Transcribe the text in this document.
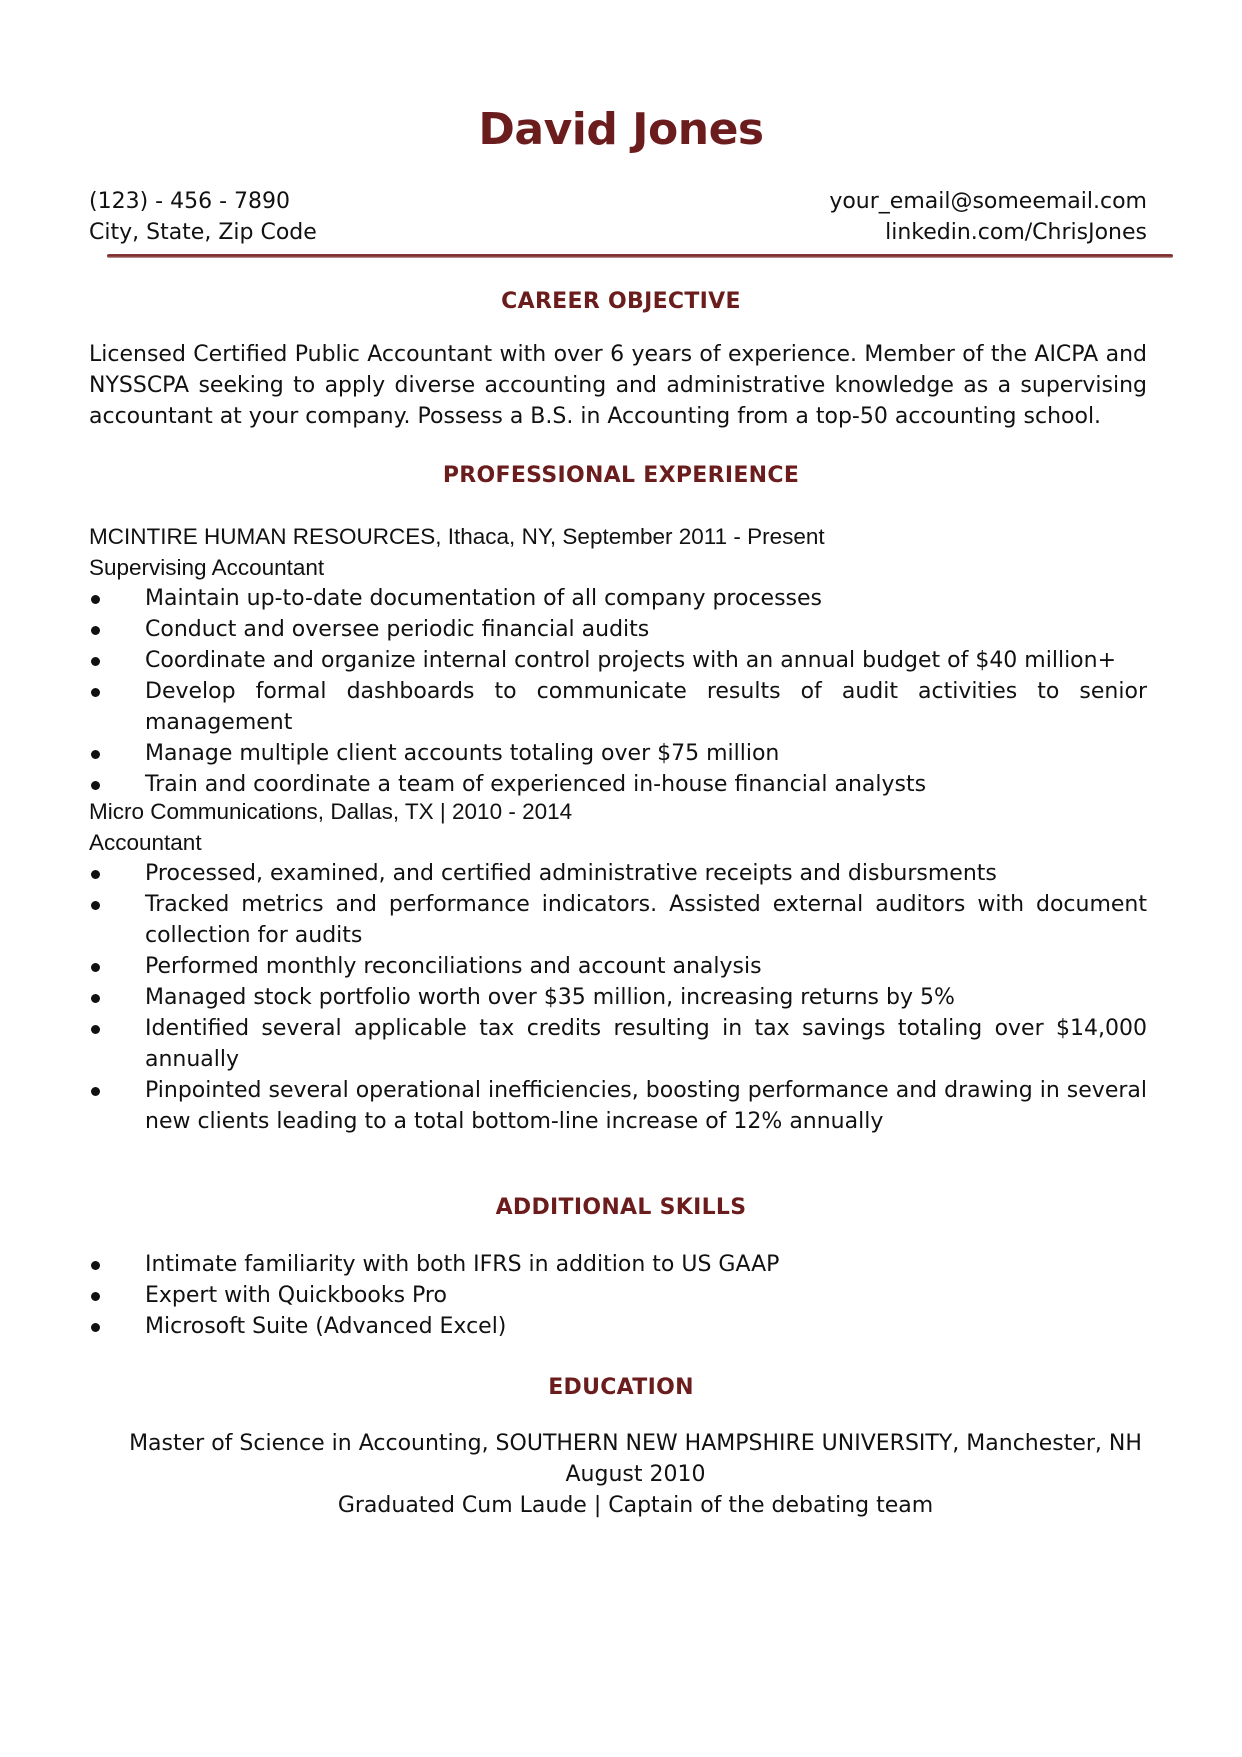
David Jones
(123) - 456 - 7890
City, State, Zip Code
your_email@someemail.com
linkedin.com/ChrisJones
CAREER OBJECTIVE
Licensed Certified Public Accountant with over 6 years of experience. Member of the AICPA and NYSSCPA seeking to apply diverse accounting and administrative knowledge as a supervising accountant at your company. Possess a B.S. in Accounting from a top-50 accounting school.
PROFESSIONAL EXPERIENCE
MCINTIRE HUMAN RESOURCES, Ithaca, NY, September 2011 - Present
Supervising Accountant
Maintain up-to-date documentation of all company processes
Conduct and oversee periodic financial audits
Coordinate and organize internal control projects with an annual budget of $40 million+
Develop formal dashboards to communicate results of audit activities to senior management
Manage multiple client accounts totaling over $75 million
Train and coordinate a team of experienced in-house financial analysts
Micro Communications, Dallas, TX | 2010 - 2014
Accountant
Processed, examined, and certified administrative receipts and disbursments
Tracked metrics and performance indicators. Assisted external auditors with document collection for audits
Performed monthly reconciliations and account analysis
Managed stock portfolio worth over $35 million, increasing returns by 5%
Identified several applicable tax credits resulting in tax savings totaling over $14,000 annually
Pinpointed several operational inefficiencies, boosting performance and drawing in several new clients leading to a total bottom-line increase of 12% annually
ADDITIONAL SKILLS
Intimate familiarity with both IFRS in addition to US GAAP
Expert with Quickbooks Pro
Microsoft Suite (Advanced Excel)
EDUCATION
Master of Science in Accounting, SOUTHERN NEW HAMPSHIRE UNIVERSITY, Manchester, NH
August 2010
Graduated Cum Laude | Captain of the debating team
